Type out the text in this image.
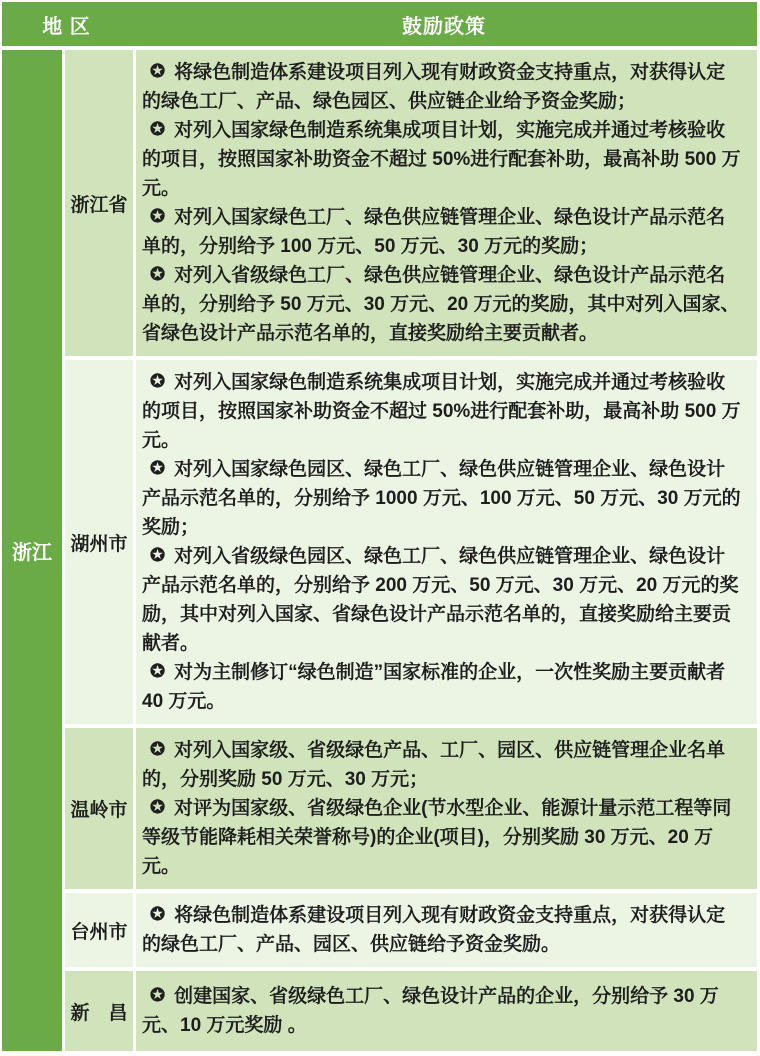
地 区	鼓励政策
浙江
浙江省

✪ 将绿色制造体系建设项目列入现有财政资金支持重点，对获得认定的绿色工厂、产品、绿色园区、供应链企业给予资金奖励；

✪ 对列入国家绿色制造系统集成项目计划，实施完成并通过考核验收的项目，按照国家补助资金不超过 50%进行配套补助，最高补助 500 万元。

✪ 对列入国家绿色工厂、绿色供应链管理企业、绿色设计产品示范名单的，分别给予 100 万元、50 万元、30 万元的奖励；

✪ 对列入省级绿色工厂、绿色供应链管理企业、绿色设计产品示范名单的，分别给予 50 万元、30 万元、20 万元的奖励，其中对列入国家、省绿色设计产品示范名单的，直接奖励给主要贡献者。

湖州市

✪ 对列入国家绿色制造系统集成项目计划，实施完成并通过考核验收的项目，按照国家补助资金不超过 50%进行配套补助，最高补助 500 万元。

✪ 对列入国家绿色园区、绿色工厂、绿色供应链管理企业、绿色设计产品示范名单的，分别给予 1000 万元、100 万元、50 万元、30 万元的奖励；

✪ 对列入省级绿色园区、绿色工厂、绿色供应链管理企业、绿色设计产品示范名单的，分别给予 200 万元、50 万元、30 万元、20 万元的奖励，其中对列入国家、省绿色设计产品示范名单的，直接奖励给主要贡献者。

✪ 对为主制修订“绿色制造”国家标准的企业，一次性奖励主要贡献者 40 万元。

温岭市

✪ 对列入国家级、省级绿色产品、工厂、园区、供应链管理企业名单的，分别奖励 50 万元、30 万元；

✪ 对评为国家级、省级绿色企业(节水型企业、能源计量示范工程等同等级节能降耗相关荣誉称号)的企业(项目)，分别奖励 30 万元、20 万元。

台州市

✪ 将绿色制造体系建设项目列入现有财政资金支持重点，对获得认定的绿色工厂、产品、园区、供应链给予资金奖励。

新　昌

✪ 创建国家、省级绿色工厂、绿色设计产品的企业，分别给予 30 万元、10 万元奖励 。
